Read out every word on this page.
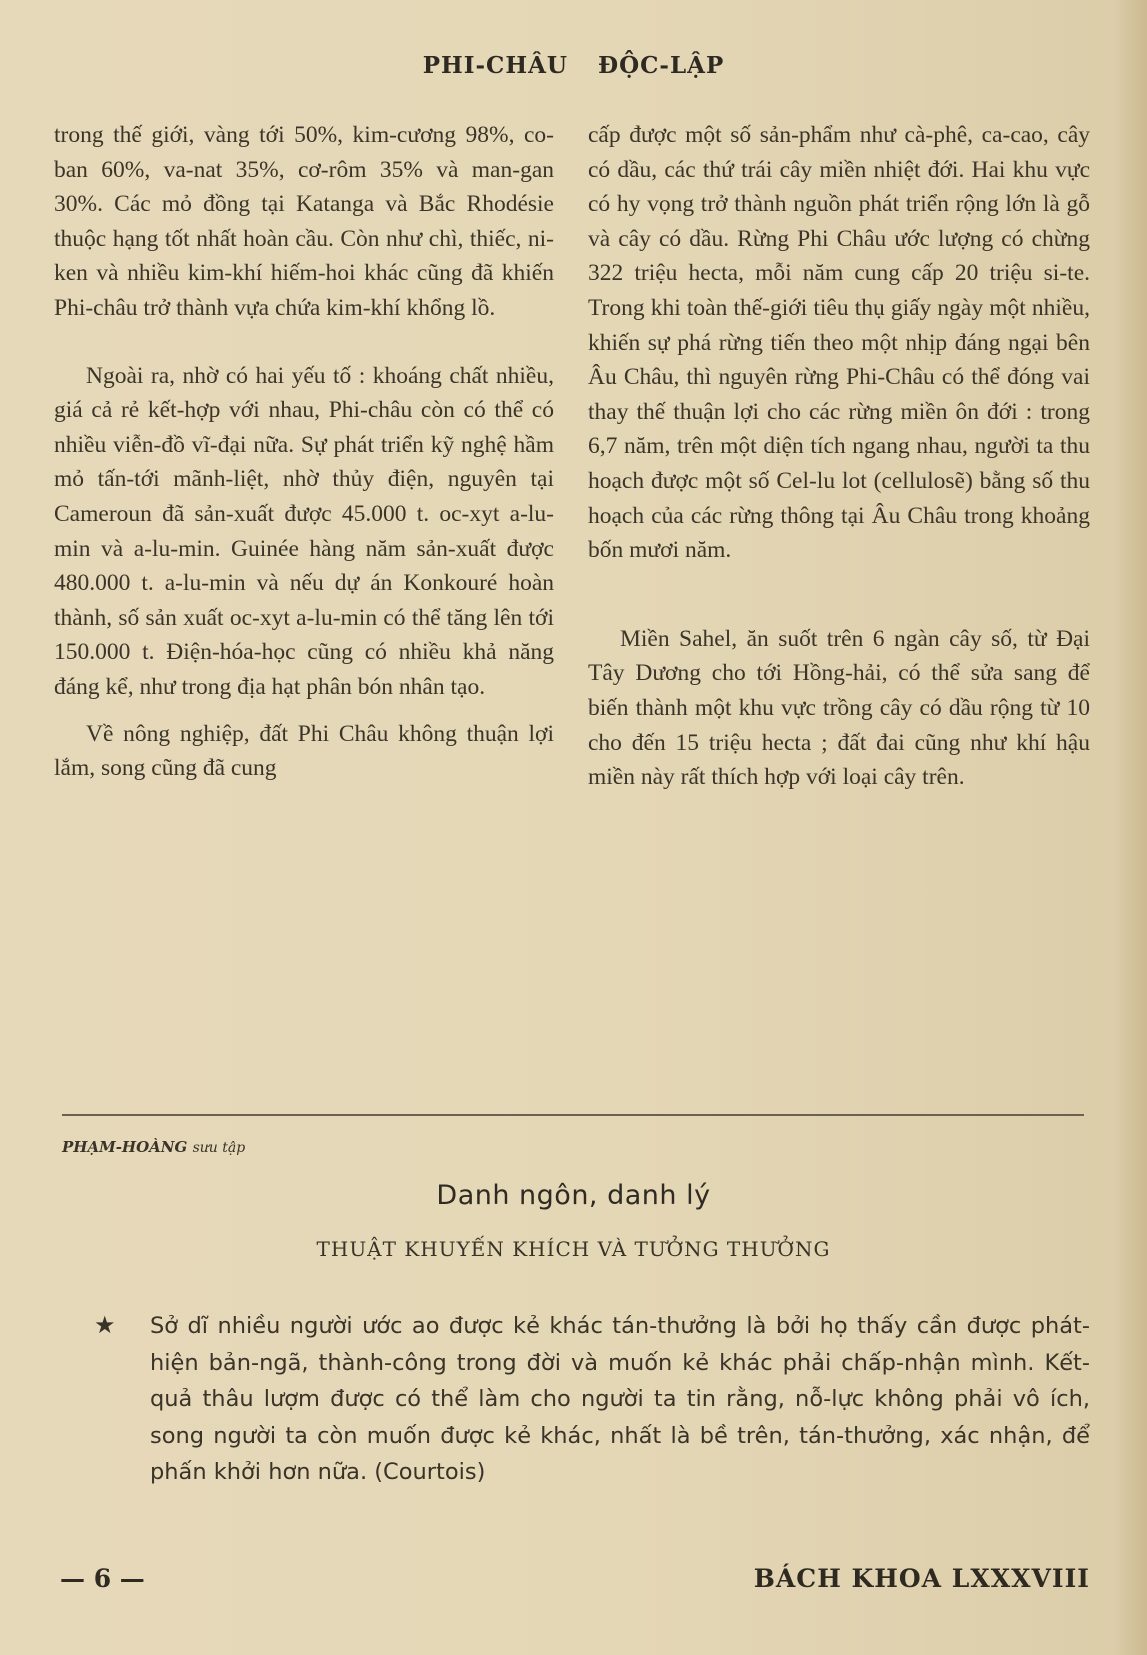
PHI-CHÂU ĐỘC-LẬP

trong thế giới, vàng tới 50%, kim-cương 98%, co-ban 60%, va-nat 35%, cơ-rôm 35% và man-gan 30%. Các mỏ đồng tại Katanga và Bắc Rhodésie thuộc hạng tốt nhất hoàn cầu. Còn như chì, thiếc, ni-ken và nhiều kim-khí hiếm-hoi khác cũng đã khiến Phi-châu trở thành vựa chứa kim-khí khổng lồ.

Ngoài ra, nhờ có hai yếu tố : khoáng chất nhiều, giá cả rẻ kết-hợp với nhau, Phi-châu còn có thể có nhiều viễn-đồ vĩ-đại nữa. Sự phát triển kỹ nghệ hầm mỏ tấn-tới mãnh-liệt, nhờ thủy điện, nguyên tại Cameroun đã sản-xuất được 45.000 t. oc-xyt a-lu-min và a-lu-min. Guinée hàng năm sản-xuất được 480.000 t. a-lu-min và nếu dự án Konkouré hoàn thành, số sản xuất oc-xyt a-lu-min có thể tăng lên tới 150.000 t. Điện-hóa-học cũng có nhiều khả năng đáng kể, như trong địa hạt phân bón nhân tạo.

Về nông nghiệp, đất Phi Châu không thuận lợi lắm, song cũng đã cung

cấp được một số sản-phẩm như cà-phê, ca-cao, cây có dầu, các thứ trái cây miền nhiệt đới. Hai khu vực có hy vọng trở thành nguồn phát triển rộng lớn là gỗ và cây có dầu. Rừng Phi Châu ước lượng có chừng 322 triệu hecta, mỗi năm cung cấp 20 triệu si-te. Trong khi toàn thế-giới tiêu thụ giấy ngày một nhiều, khiến sự phá rừng tiến theo một nhịp đáng ngại bên Âu Châu, thì nguyên rừng Phi-Châu có thể đóng vai thay thế thuận lợi cho các rừng miền ôn đới : trong 6,7 năm, trên một diện tích ngang nhau, người ta thu hoạch được một số Cel-lu lot (cellulosẽ) bằng số thu hoạch của các rừng thông tại Âu Châu trong khoảng bốn mươi năm.

Miền Sahel, ăn suốt trên 6 ngàn cây số, từ Đại Tây Dương cho tới Hồng-hải, có thể sửa sang để biến thành một khu vực trồng cây có dầu rộng từ 10 cho đến 15 triệu hecta ; đất đai cũng như khí hậu miền này rất thích hợp với loại cây trên.

PHẠM-HOÀNG sưu tập
Danh ngôn, danh lý
THUẬT KHUYẾN KHÍCH VÀ TƯỞNG THƯỞNG
★ Sở dĩ nhiều người ước ao được kẻ khác tán-thưởng là bởi họ thấy cần được phát-hiện bản-ngã, thành-công trong đời và muốn kẻ khác phải chấp-nhận mình. Kết-quả thâu lượm được có thể làm cho người ta tin rằng, nỗ-lực không phải vô ích, song người ta còn muốn được kẻ khác, nhất là bề trên, tán-thưởng, xác nhận, để phấn khởi hơn nữa. (Courtois)
— 6 —	BÁCH KHOA LXXXVIII
